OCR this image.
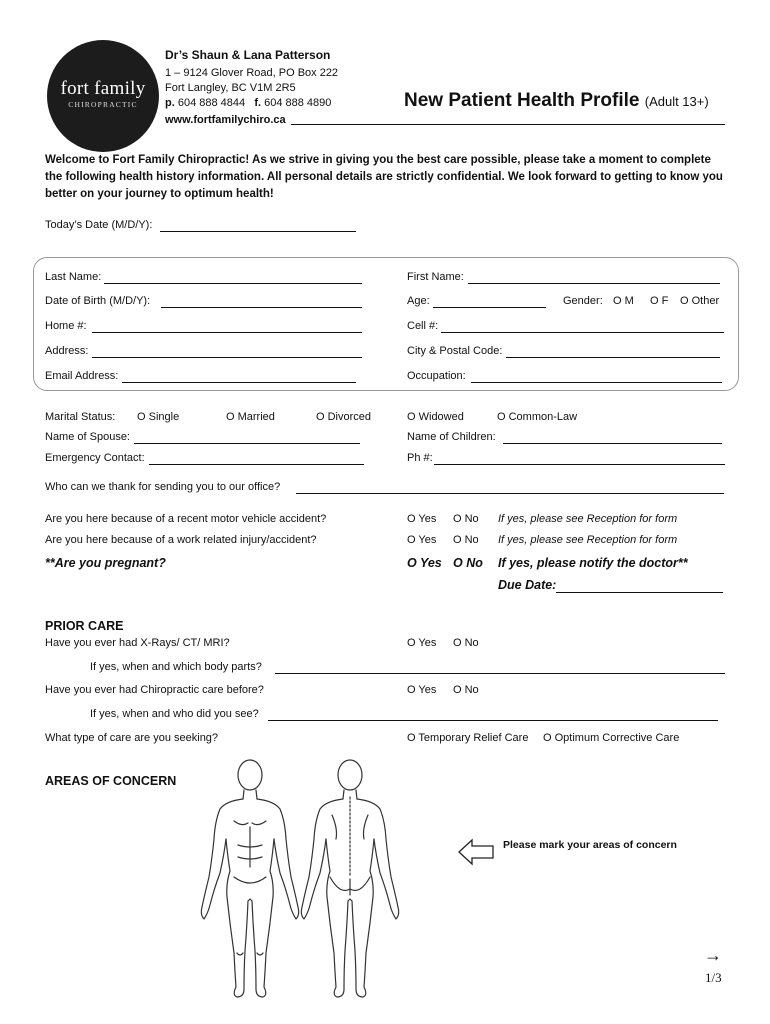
fort family
CHIROPRACTIC
Dr’s Shaun & Lana Patterson
1 – 9124 Glover Road, PO Box 222
Fort Langley, BC V1M 2R5
p. 604 888 4844 f. 604 888 4890
www.fortfamilychiro.ca
New Patient Health Profile (Adult 13+)
Welcome to Fort Family Chiropractic! As we strive in giving you the best care possible, please take a moment to complete the following health history information. All personal details are strictly confidential. We look forward to getting to know you better on your journey to optimum health!
Today’s Date (M/D/Y):
Last Name:	First Name:
Date of Birth (M/D/Y):	Age:	Gender: O M O F O Other
Home #:	Cell #:
Address:	City & Postal Code:
Email Address:	Occupation:
Marital Status: O Single	O Married	O Divorced	O Widowed	O Common-Law
Name of Spouse:	Name of Children:
Emergency Contact:	Ph #:
Who can we thank for sending you to our office?
Are you here because of a recent motor vehicle accident?	O Yes O No If yes, please see Reception for form
Are you here because of a work related injury/accident?	O Yes O No If yes, please see Reception for form
**Are you pregnant?	O Yes O No If yes, please notify the doctor**
Due Date:
PRIOR CARE
Have you ever had X-Rays/ CT/ MRI?	O Yes O No
If yes, when and which body parts?
Have you ever had Chiropractic care before?	O Yes O No
If yes, when and who did you see?
What type of care are you seeking?	O Temporary Relief Care O Optimum Corrective Care
AREAS OF CONCERN
Please mark your areas of concern
→
1/3
